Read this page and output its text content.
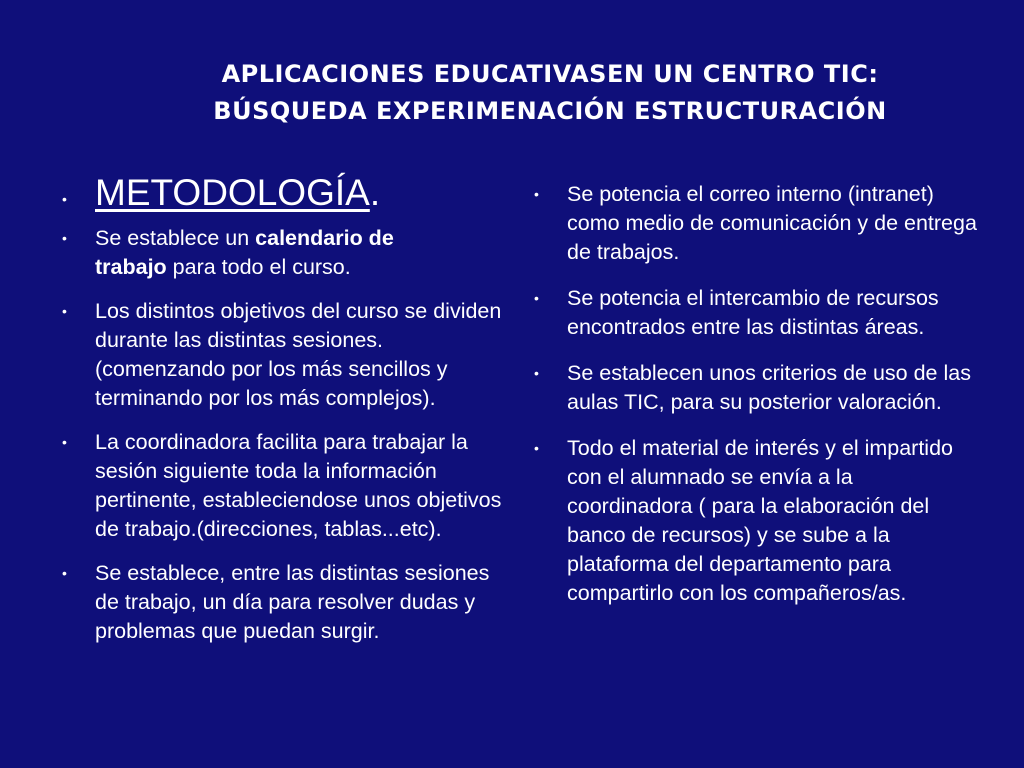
APLICACIONES EDUCATIVASEN UN CENTRO TIC:
BÚSQUEDA EXPERIMENACIÓN ESTRUCTURACIÓN
• METODOLOGÍA.
• Se establece un calendario de
trabajo para todo el curso.
• Los distintos objetivos del curso se dividen durante las distintas sesiones.(comenzando por los más sencillos y terminando por los más complejos).
• La coordinadora facilita para trabajar la sesión siguiente toda la información pertinente, estableciendose unos objetivos de trabajo.(direcciones, tablas...etc).
• Se establece, entre las distintas sesiones de trabajo, un día para resolver dudas y problemas que puedan surgir.
• Se potencia el correo interno (intranet) como medio de comunicación y de entrega de trabajos.
• Se potencia el intercambio de recursos encontrados entre las distintas áreas.
• Se establecen unos criterios de uso de las aulas TIC, para su posterior valoración.
• Todo el material de interés y el impartido con el alumnado se envía a la coordinadora ( para la elaboración del banco de recursos) y se sube a la plataforma del departamento para compartirlo con los compañeros/as.
